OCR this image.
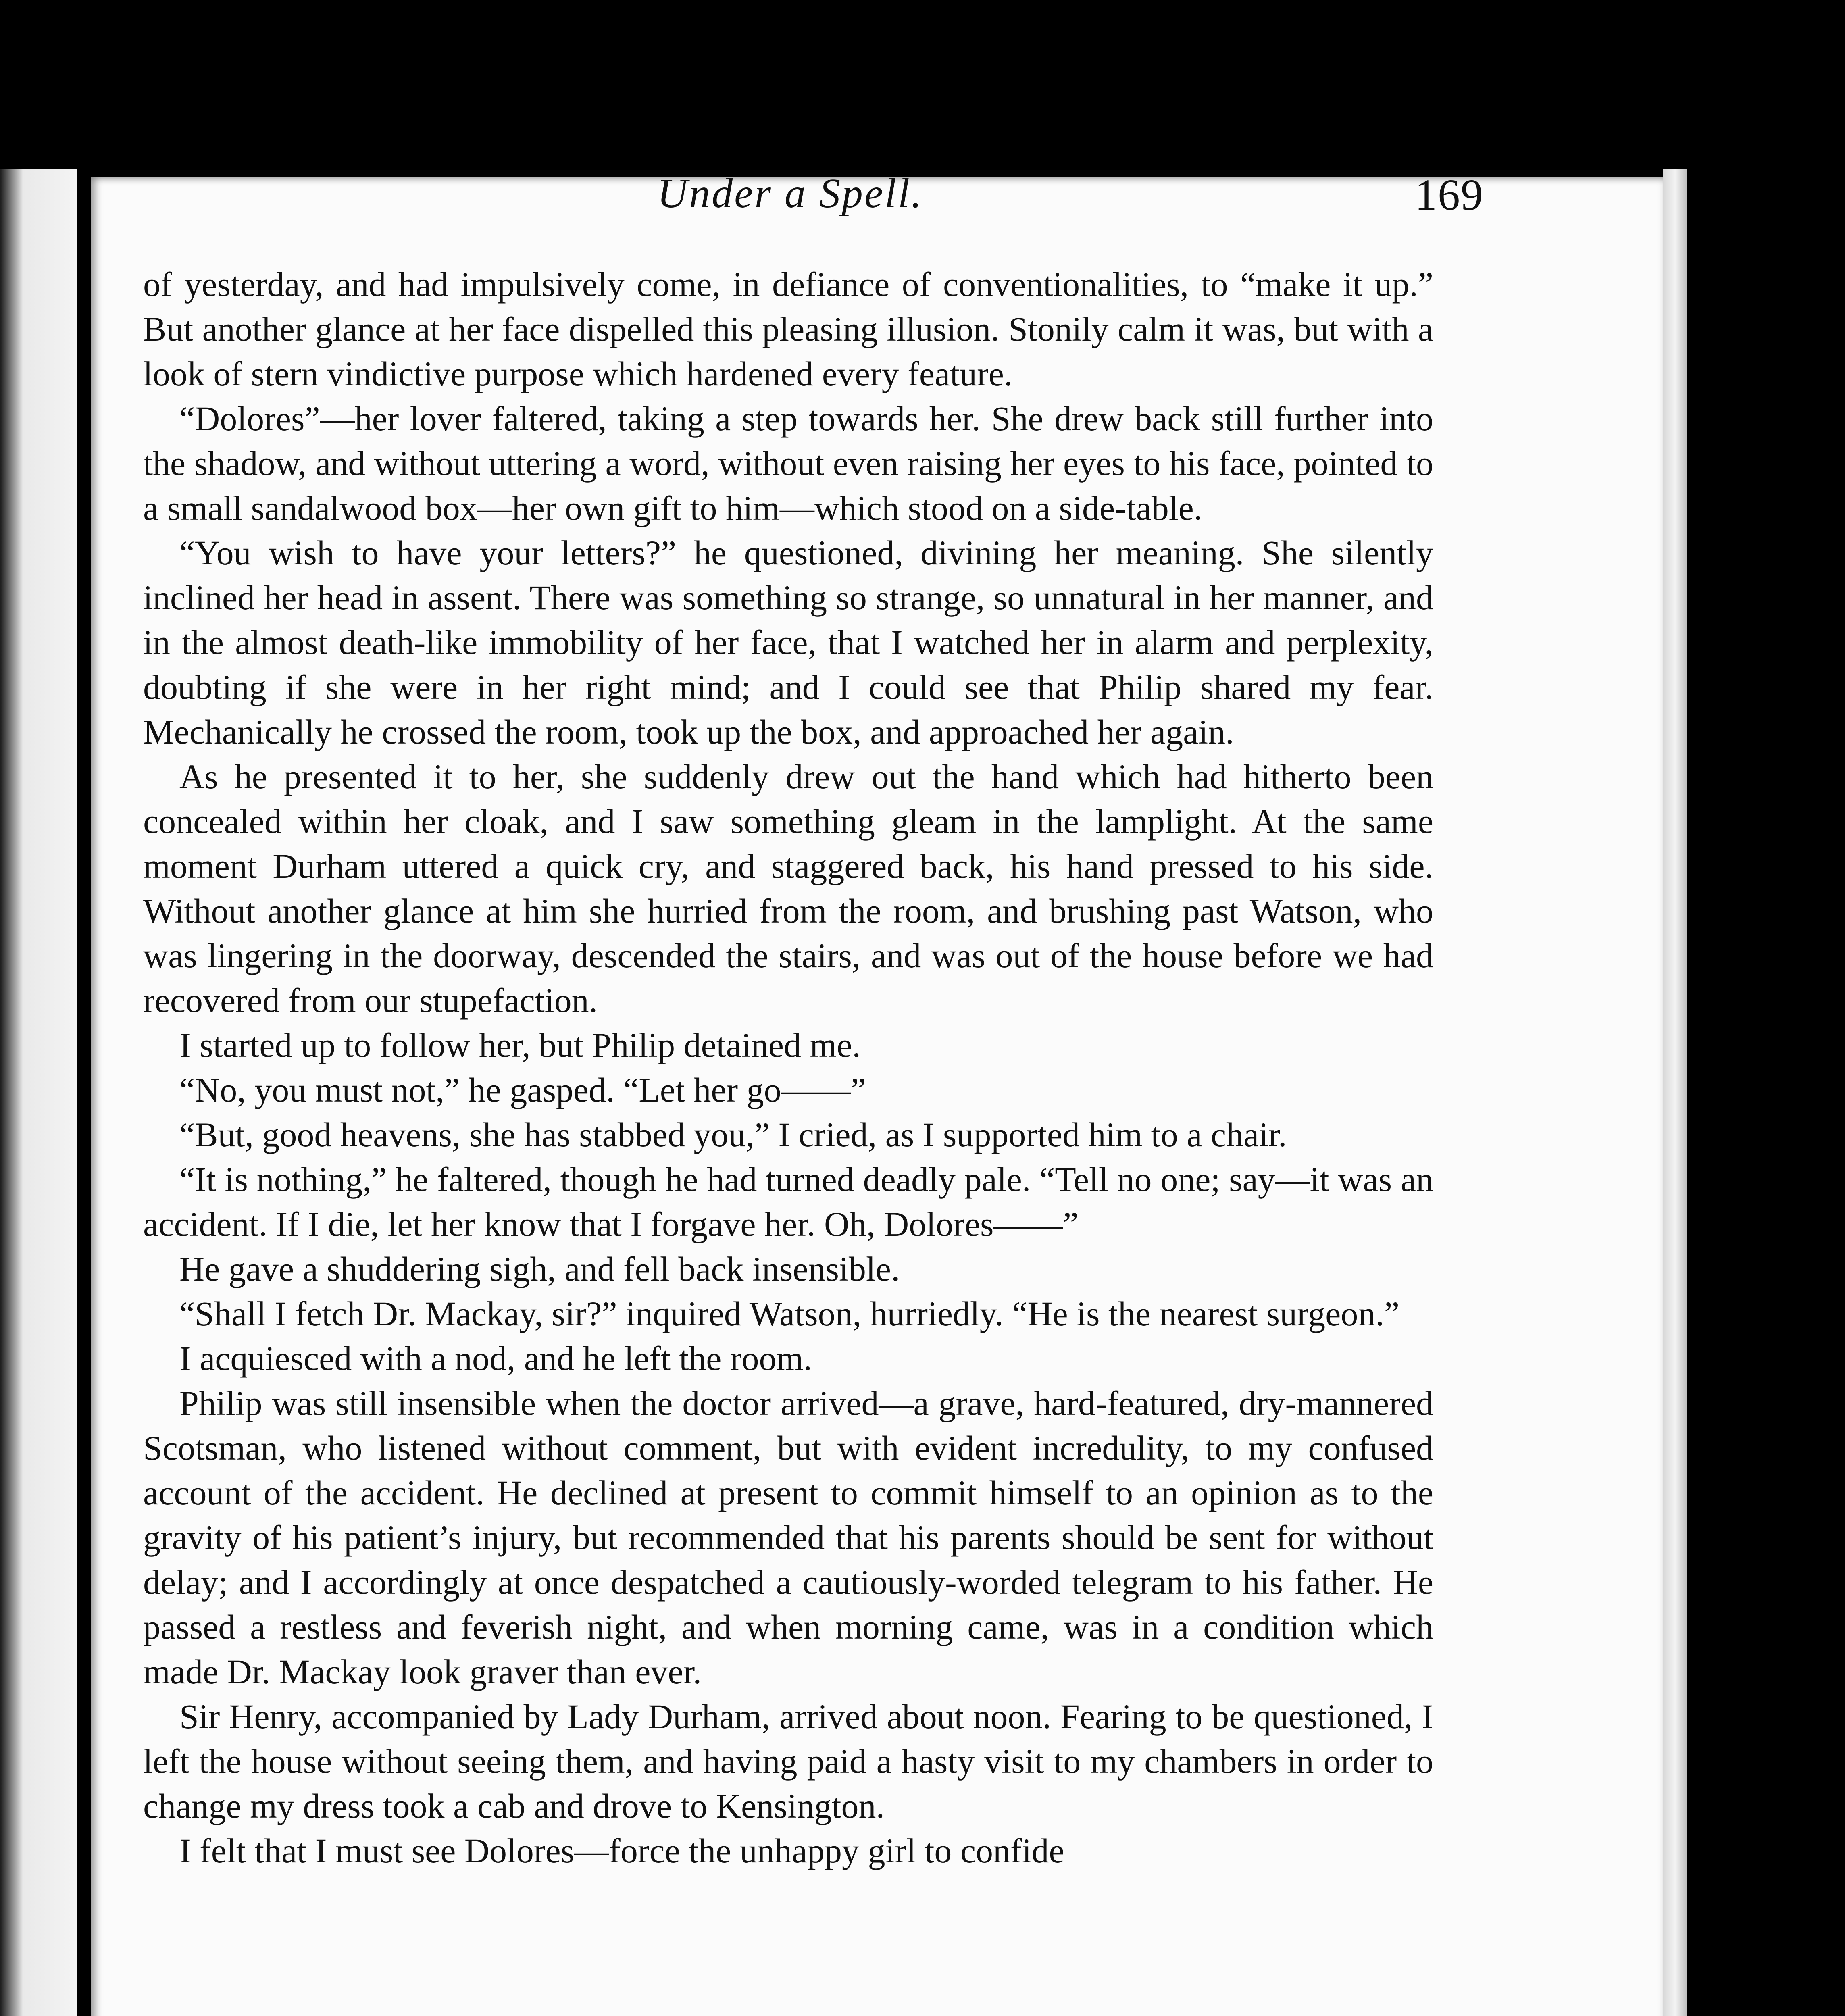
Under a Spell.	169

of yesterday, and had impulsively come, in defiance of conventionalities, to “make it up.” But another glance at her face dispelled this pleasing illusion. Stonily calm it was, but with a look of stern vindictive purpose which hardened every feature.

“Dolores”—her lover faltered, taking a step towards her. She drew back still further into the shadow, and without uttering a word, without even raising her eyes to his face, pointed to a small sandalwood box—her own gift to him—which stood on a side-table.

“You wish to have your letters?” he questioned, divining her meaning. She silently inclined her head in assent. There was something so strange, so unnatural in her manner, and in the almost death-like immobility of her face, that I watched her in alarm and perplexity, doubting if she were in her right mind; and I could see that Philip shared my fear. Mechanically he crossed the room, took up the box, and approached her again.

As he presented it to her, she suddenly drew out the hand which had hitherto been concealed within her cloak, and I saw something gleam in the lamplight. At the same moment Durham uttered a quick cry, and staggered back, his hand pressed to his side. Without another glance at him she hurried from the room, and brushing past Watson, who was lingering in the doorway, descended the stairs, and was out of the house before we had recovered from our stupefaction.

I started up to follow her, but Philip detained me.

“No, you must not,” he gasped. “Let her go——”

“But, good heavens, she has stabbed you,” I cried, as I supported him to a chair.

“It is nothing,” he faltered, though he had turned deadly pale. “Tell no one; say—it was an accident. If I die, let her know that I forgave her. Oh, Dolores——”

He gave a shuddering sigh, and fell back insensible.

“Shall I fetch Dr. Mackay, sir?” inquired Watson, hurriedly. “He is the nearest surgeon.”

I acquiesced with a nod, and he left the room.

Philip was still insensible when the doctor arrived—a grave, hard-featured, dry-mannered Scotsman, who listened without comment, but with evident incredulity, to my confused account of the accident. He declined at present to commit himself to an opinion as to the gravity of his patient’s injury, but recommended that his parents should be sent for without delay; and I accordingly at once despatched a cautiously-worded telegram to his father. He passed a restless and feverish night, and when morning came, was in a condition which made Dr. Mackay look graver than ever.

Sir Henry, accompanied by Lady Durham, arrived about noon. Fearing to be questioned, I left the house without seeing them, and having paid a hasty visit to my chambers in order to change my dress took a cab and drove to Kensington.

I felt that I must see Dolores—force the unhappy girl to confide
